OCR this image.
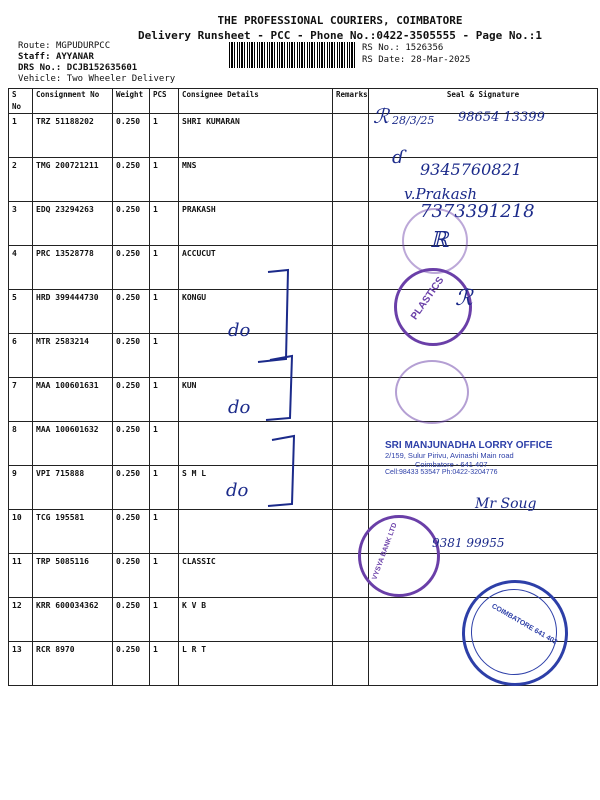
THE PROFESSIONAL COURIERS, COIMBATORE
Delivery Runsheet - PCC - Phone No.:0422-3505555 - Page No.:1
Route: MGPUDURPCC
Staff: AYYANAR
DRS No.: DCJB152635601
Vehicle: Two Wheeler Delivery
RS No.: 1526356
RS Date: 28-Mar-2025
S No	Consignment No	Weight	PCS	Consignee Details	Remarks	Seal & Signature
1	TRZ 51188202	0.250	1	SHRI KUMARAN		
2	TMG 200721211	0.250	1	MNS		
3	EDQ 23294263	0.250	1	PRAKASH		
4	PRC 13528778	0.250	1	ACCUCUT		
5	HRD 399444730	0.250	1	KONGU		
6	MTR 2583214	0.250	1			
7	MAA 100601631	0.250	1	KUN		
8	MAA 100601632	0.250	1			
9	VPI 715888	0.250	1	S M L		
10	TCG 195581	0.250	1			
11	TRP 5085116	0.250	1	CLASSIC		
12	KRR 600034362	0.250	1	K V B		
13	RCR 8970	0.250	1	L R T		
ℛ 28/3/25 98654 13399
ɗ
9345760821
v.Prakash
7373391218
ℝ
do
do
do
PLASTICS ℛ
SRI MANJUNADHA LORRY OFFICE
2/159, Sulur Pirivu, Avinashi Main road
Coimbatore - 641 407
Cell:98433 53547 Ph:0422-3204776
Mr Soug
VYSYA BANK LTD	9381 99955
COIMBATORE 641 402
